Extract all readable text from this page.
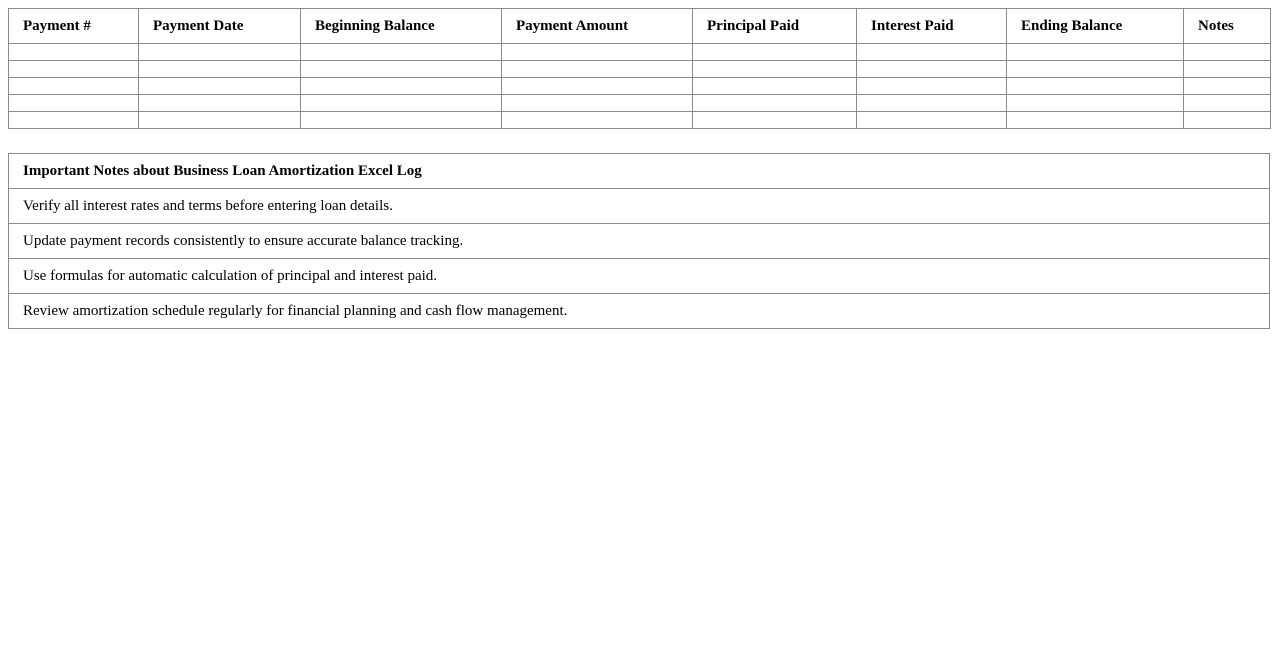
Payment #	Payment Date	Beginning Balance	Payment Amount	Principal Paid	Interest Paid	Ending Balance	Notes

Important Notes about Business Loan Amortization Excel Log
Verify all interest rates and terms before entering loan details.
Update payment records consistently to ensure accurate balance tracking.
Use formulas for automatic calculation of principal and interest paid.
Review amortization schedule regularly for financial planning and cash flow management.
